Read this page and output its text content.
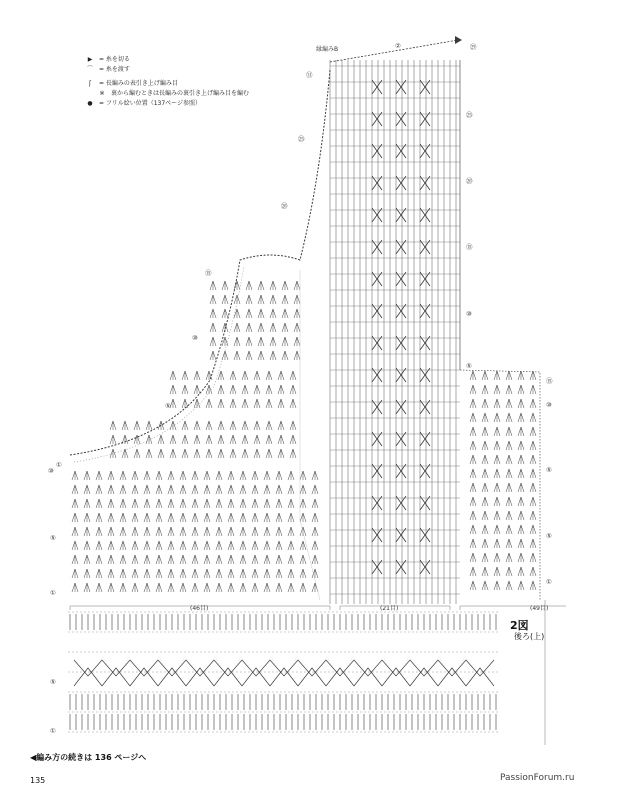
▶	= 糸を切る
⌒	= 糸を渡す
ʃ	= 長編みの表引き上げ編み目
※	裏から編むときは長編みの裏引き上げ編み目を編む
●	= フリル絵い位置（137ページ参照）
縁編みB
(46目)	(21目)	(49目)
①
⑩
⑤
①
⑤
①
㉛
㉕
⑳
⑮
⑩
⑤
②	㉙
㉕
⑳
⑮
⑩
⑤
⑮
⑩
⑤
⑤
①
2図
後ろ(上)
◀編み方の続きは 136 ページへ
135	PassionForum.ru
